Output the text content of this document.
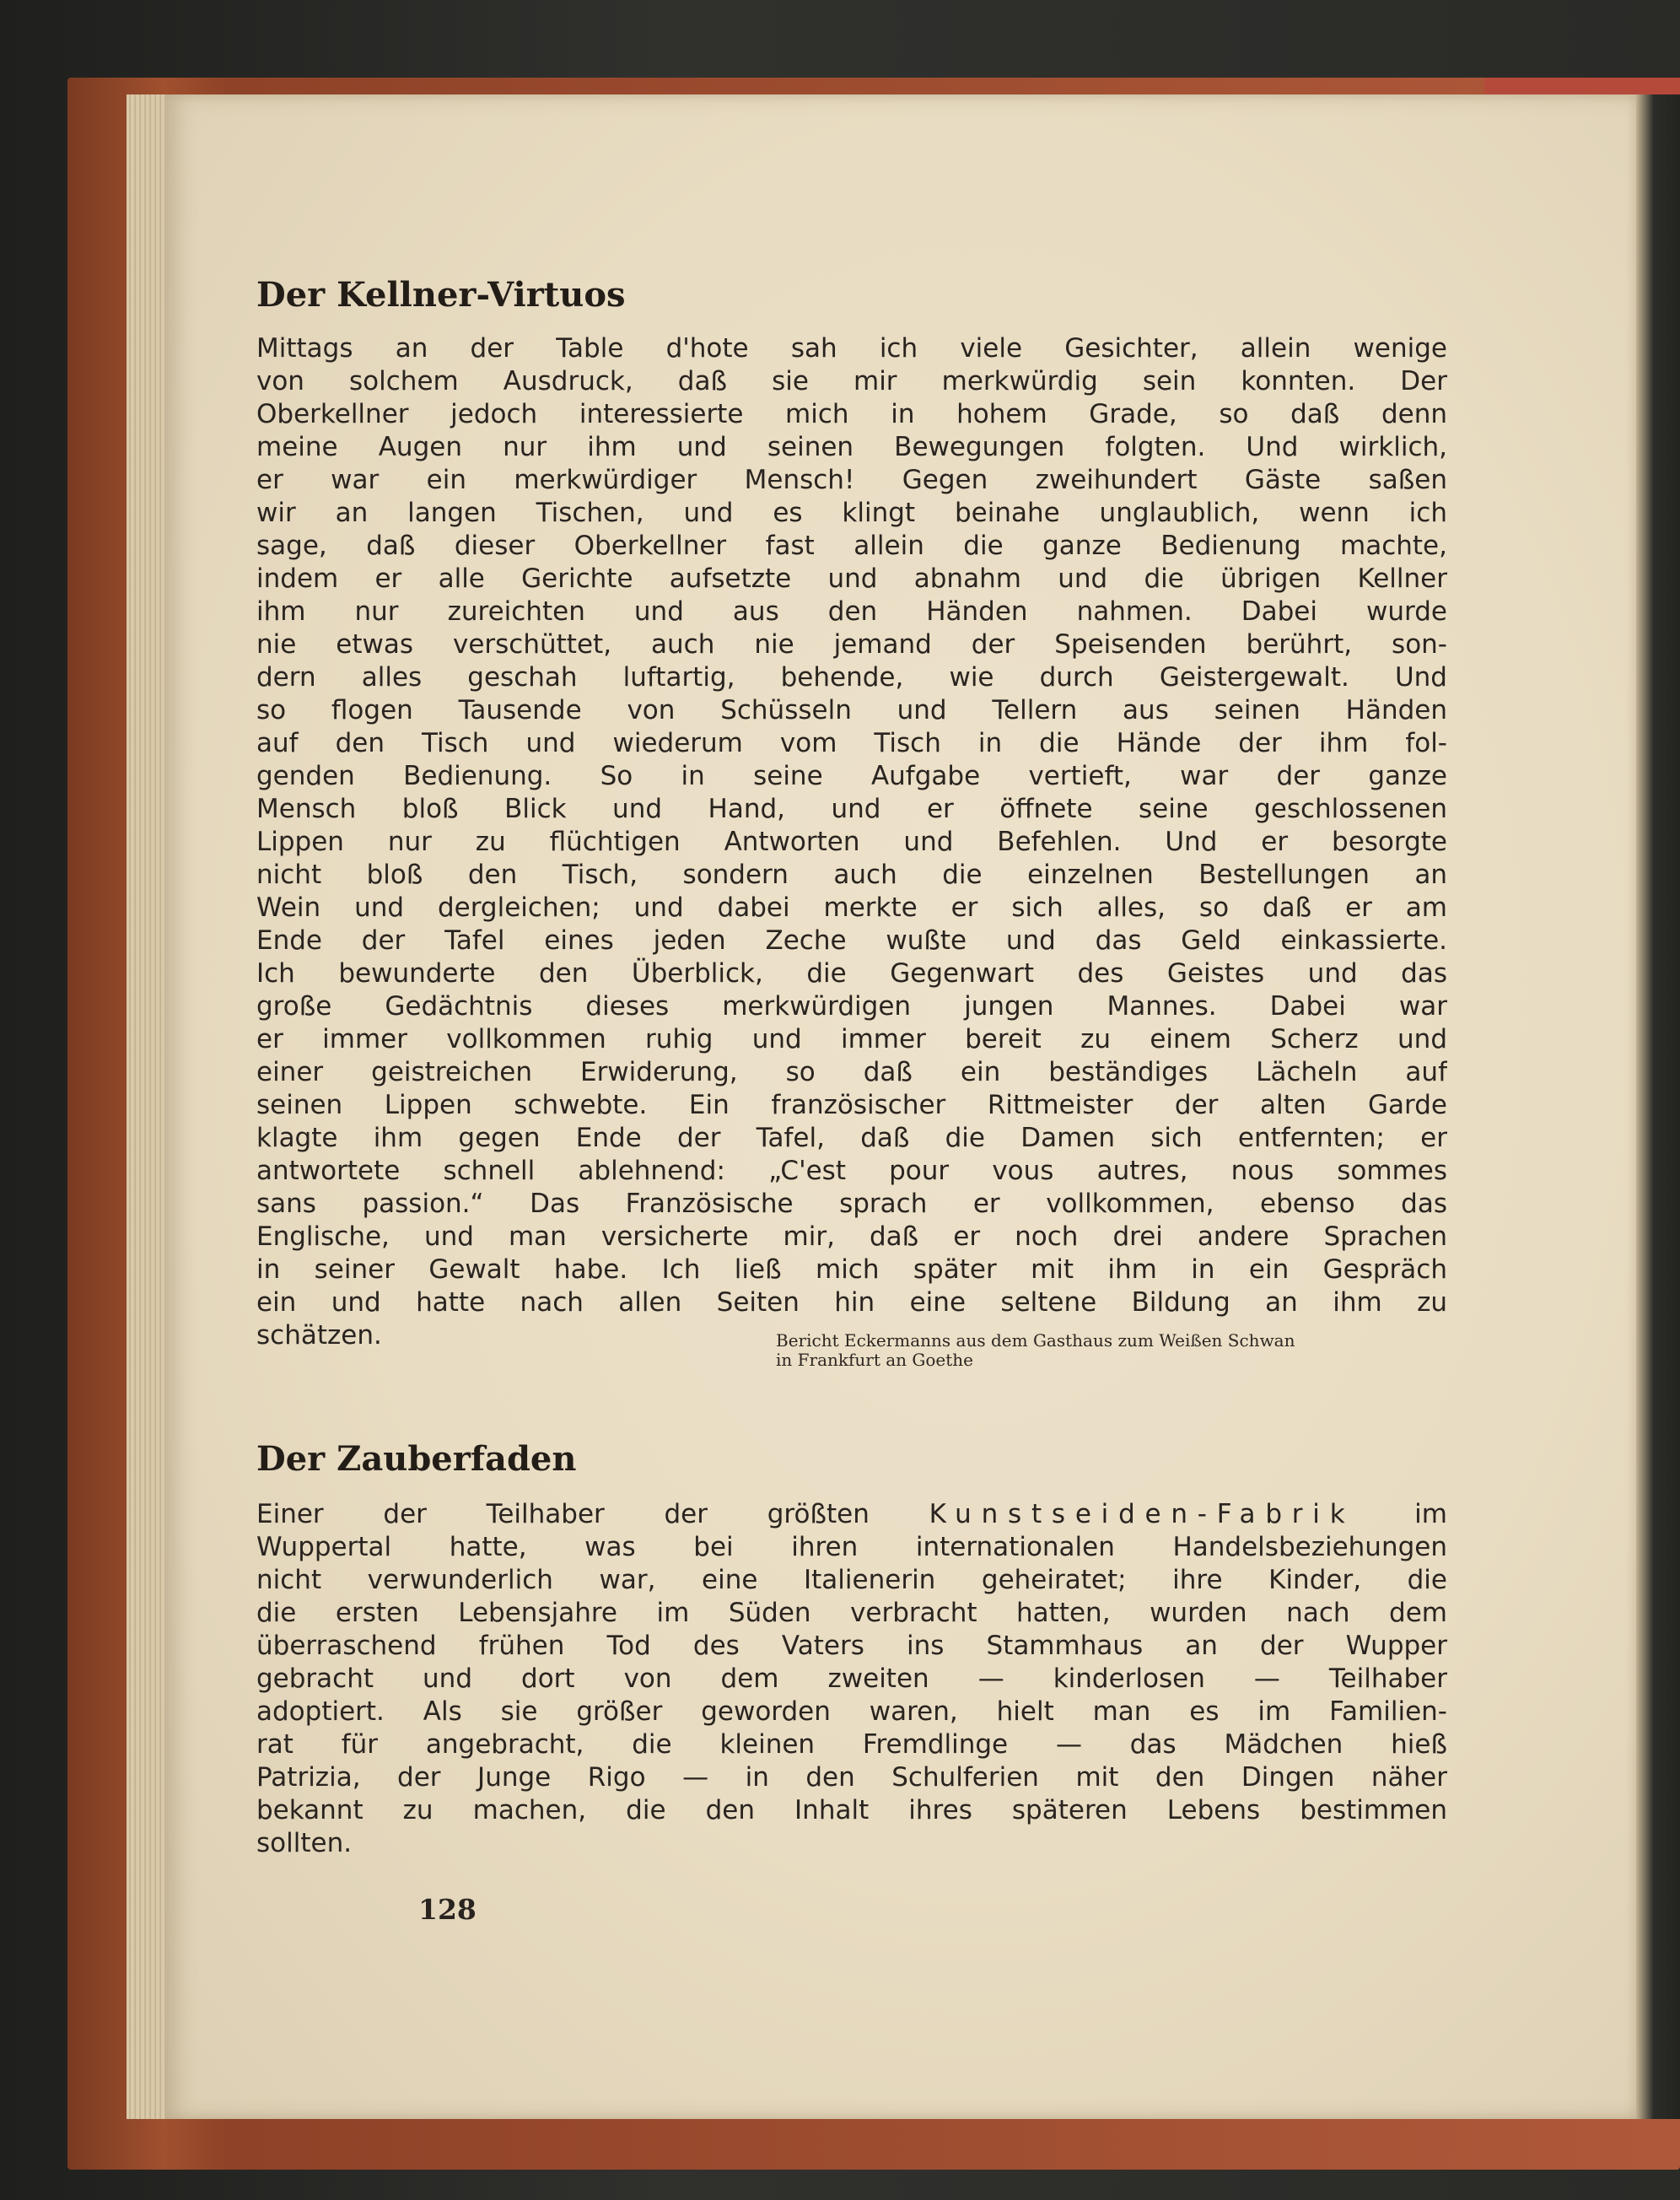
Der Kellner-Virtuos
Mittags an der Table d'hote sah ich viele Gesichter, allein wenige
von solchem Ausdruck, daß sie mir merkwürdig sein konnten. Der
Oberkellner jedoch interessierte mich in hohem Grade, so daß denn
meine Augen nur ihm und seinen Bewegungen folgten. Und wirklich,
er war ein merkwürdiger Mensch! Gegen zweihundert Gäste saßen
wir an langen Tischen, und es klingt beinahe unglaublich, wenn ich
sage, daß dieser Oberkellner fast allein die ganze Bedienung machte,
indem er alle Gerichte aufsetzte und abnahm und die übrigen Kellner
ihm nur zureichten und aus den Händen nahmen. Dabei wurde
nie etwas verschüttet, auch nie jemand der Speisenden berührt, son-
dern alles geschah luftartig, behende, wie durch Geistergewalt. Und
so flogen Tausende von Schüsseln und Tellern aus seinen Händen
auf den Tisch und wiederum vom Tisch in die Hände der ihm fol-
genden Bedienung. So in seine Aufgabe vertieft, war der ganze
Mensch bloß Blick und Hand, und er öffnete seine geschlossenen
Lippen nur zu flüchtigen Antworten und Befehlen. Und er besorgte
nicht bloß den Tisch, sondern auch die einzelnen Bestellungen an
Wein und dergleichen; und dabei merkte er sich alles, so daß er am
Ende der Tafel eines jeden Zeche wußte und das Geld einkassierte.
Ich bewunderte den Überblick, die Gegenwart des Geistes und das
große Gedächtnis dieses merkwürdigen jungen Mannes. Dabei war
er immer vollkommen ruhig und immer bereit zu einem Scherz und
einer geistreichen Erwiderung, so daß ein beständiges Lächeln auf
seinen Lippen schwebte. Ein französischer Rittmeister der alten Garde
klagte ihm gegen Ende der Tafel, daß die Damen sich entfernten; er
antwortete schnell ablehnend: „C'est pour vous autres, nous sommes
sans passion.“ Das Französische sprach er vollkommen, ebenso das
Englische, und man versicherte mir, daß er noch drei andere Sprachen
in seiner Gewalt habe. Ich ließ mich später mit ihm in ein Gespräch
ein und hatte nach allen Seiten hin eine seltene Bildung an ihm zu
schätzen.	Bericht Eckermanns aus dem Gasthaus zum Weißen Schwan
in Frankfurt an Goethe
Der Zauberfaden
Einer der Teilhaber der größten Kunstseiden-Fabrik im
Wuppertal hatte, was bei ihren internationalen Handelsbeziehungen
nicht verwunderlich war, eine Italienerin geheiratet; ihre Kinder, die
die ersten Lebensjahre im Süden verbracht hatten, wurden nach dem
überraschend frühen Tod des Vaters ins Stammhaus an der Wupper
gebracht und dort von dem zweiten — kinderlosen — Teilhaber
adoptiert. Als sie größer geworden waren, hielt man es im Familien-
rat für angebracht, die kleinen Fremdlinge — das Mädchen hieß
Patrizia, der Junge Rigo — in den Schulferien mit den Dingen näher
bekannt zu machen, die den Inhalt ihres späteren Lebens bestimmen
sollten.
128
